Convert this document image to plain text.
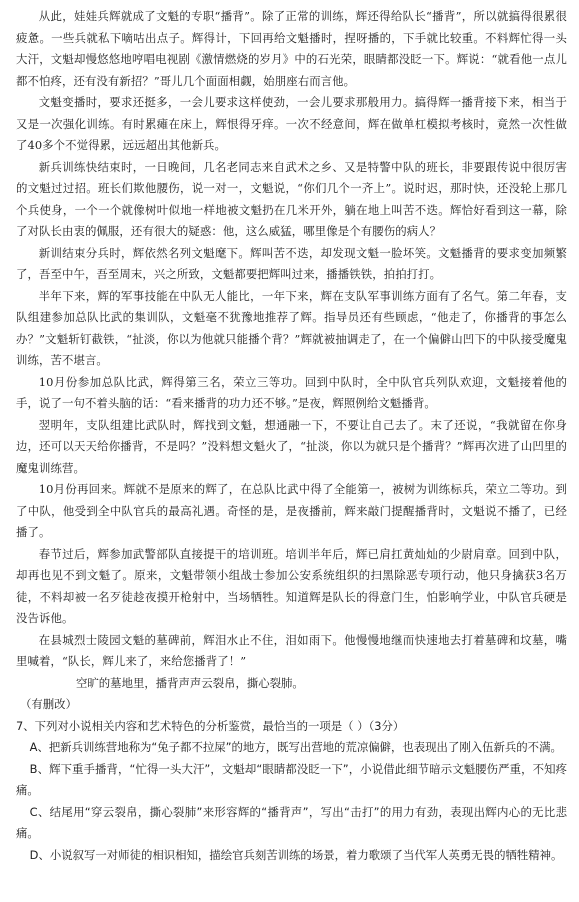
从此，娃娃兵辉就成了文魁的专职“播背”。除了正常的训练，辉还得给队长“播背”，所以就搞得很累很疲惫。一些兵就私下嘀咕出点子。辉得计，下回再给文魁播时，捏呀播的，下手就比较重。不料辉忙得一头大汗，文魁却慢悠悠地哼唱电视剧《激情燃烧的岁月》中的石光荣，眼睛都没眨一下。辉说：“就看他一点儿都不怕疼，还有没有新招？”哥儿几个面面相觑，始朋座右而言他。

文魁变播时，要求还挺多，一会儿要求这样使劲，一会儿要求那般用力。搞得辉一播背接下来，相当于又是一次强化训练。有时累瘫在床上，辉恨得牙痒。一次不经意间，辉在做单杠模拟考核时，竟然一次性做了40多个不觉得累，远远超出其他新兵。

新兵训练快结束时，一日晚间，几名老同志来自武术之乡、又是特警中队的班长，非要跟传说中很厉害的文魁过过招。班长们欺他腰伤，说一对一，文魁说，“你们几个一齐上”。说时迟，那时快，还没轮上那几个兵使身，一个一个就像树叶似地一样地被文魁扔在几米开外，躺在地上叫苦不迭。辉恰好看到这一幕，除了对队长由衷的佩服，还有很大的疑惑：他，这么威猛，哪里像是个有腰伤的病人？

新训结束分兵时，辉依然名列文魁麾下。辉叫苦不迭，却发现文魁一脸坏笑。文魁播背的要求变加频繁了，吾至中午，吾至周末，兴之所致，文魁都要把辉叫过来，播播铁铁，拍拍打打。

半年下来，辉的军事技能在中队无人能比，一年下来，辉在支队军事训练方面有了名气。第二年春，支队组建参加总队比武的集训队，文魁毫不犹豫地推荐了辉。指导员还有些顾虑，“他走了，你播背的事怎么办？”文魁斩钉截铁，“扯淡，你以为他就只能播个背？”辉就被抽调走了，在一个偏僻山凹下的中队接受魔鬼训练，苦不堪言。

10月份参加总队比武，辉得第三名，荣立三等功。回到中队时，全中队官兵列队欢迎，文魁接着他的手，说了一句不着头脑的话：“看来播背的功力还不够。”是夜，辉照例给文魁播背。

翌明年，支队组建比武队时，辉找到文魁，想通融一下，不要让自己去了。末了还说，“我就留在你身边，还可以天天给你播背，不是吗？”没料想文魁火了，“扯淡，你以为就只是个播背？”辉再次进了山凹里的魔鬼训练营。

10月份再回来。辉就不是原来的辉了，在总队比武中得了全能第一，被树为训练标兵，荣立二等功。到了中队，他受到全中队官兵的最高礼遇。奇怪的是，是夜播前，辉来敲门提醒播背时，文魁说不播了，已经播了。

春节过后，辉参加武警部队直接提干的培训班。培训半年后，辉已肩扛黄灿灿的少尉肩章。回到中队，却再也见不到文魁了。原来，文魁带领小组战士参加公安系统组织的扫黑除恶专项行动，他只身擒获3名万徒，不料却被一名歹徒趁夜摸开枪射中，当场牺牲。知道辉是队长的得意门生，怕影响学业，中队官兵硬是没告诉他。

在县城烈士陵园文魁的墓碑前，辉泪水止不住，泪如雨下。他慢慢地继而快速地去打着墓碑和坟墓，嘴里喊着，“队长，辉儿来了，来给您播背了！”

空旷的墓地里，播背声声云裂帛，撕心裂肺。

（有删改）

7、下列对小说相关内容和艺术特色的分析鉴赏，最恰当的一项是（ ）（3分）

A、把新兵训练营地称为“兔子都不拉屎”的地方，既写出营地的荒凉偏僻，也表现出了刚入伍新兵的不满。

B、辉下重手播背，“忙得一头大汗”，文魁却“眼睛都没眨一下”，小说借此细节暗示文魁腰伤严重，不知疼痛。

C、结尾用“穿云裂帛，撕心裂肺”来形容辉的“播背声”，写出“击打”的用力有劲，表现出辉内心的无比悲痛。

D、小说叙写一对师徒的相识相知，描绘官兵刻苦训练的场景，着力歌颂了当代军人英勇无畏的牺牲精神。
